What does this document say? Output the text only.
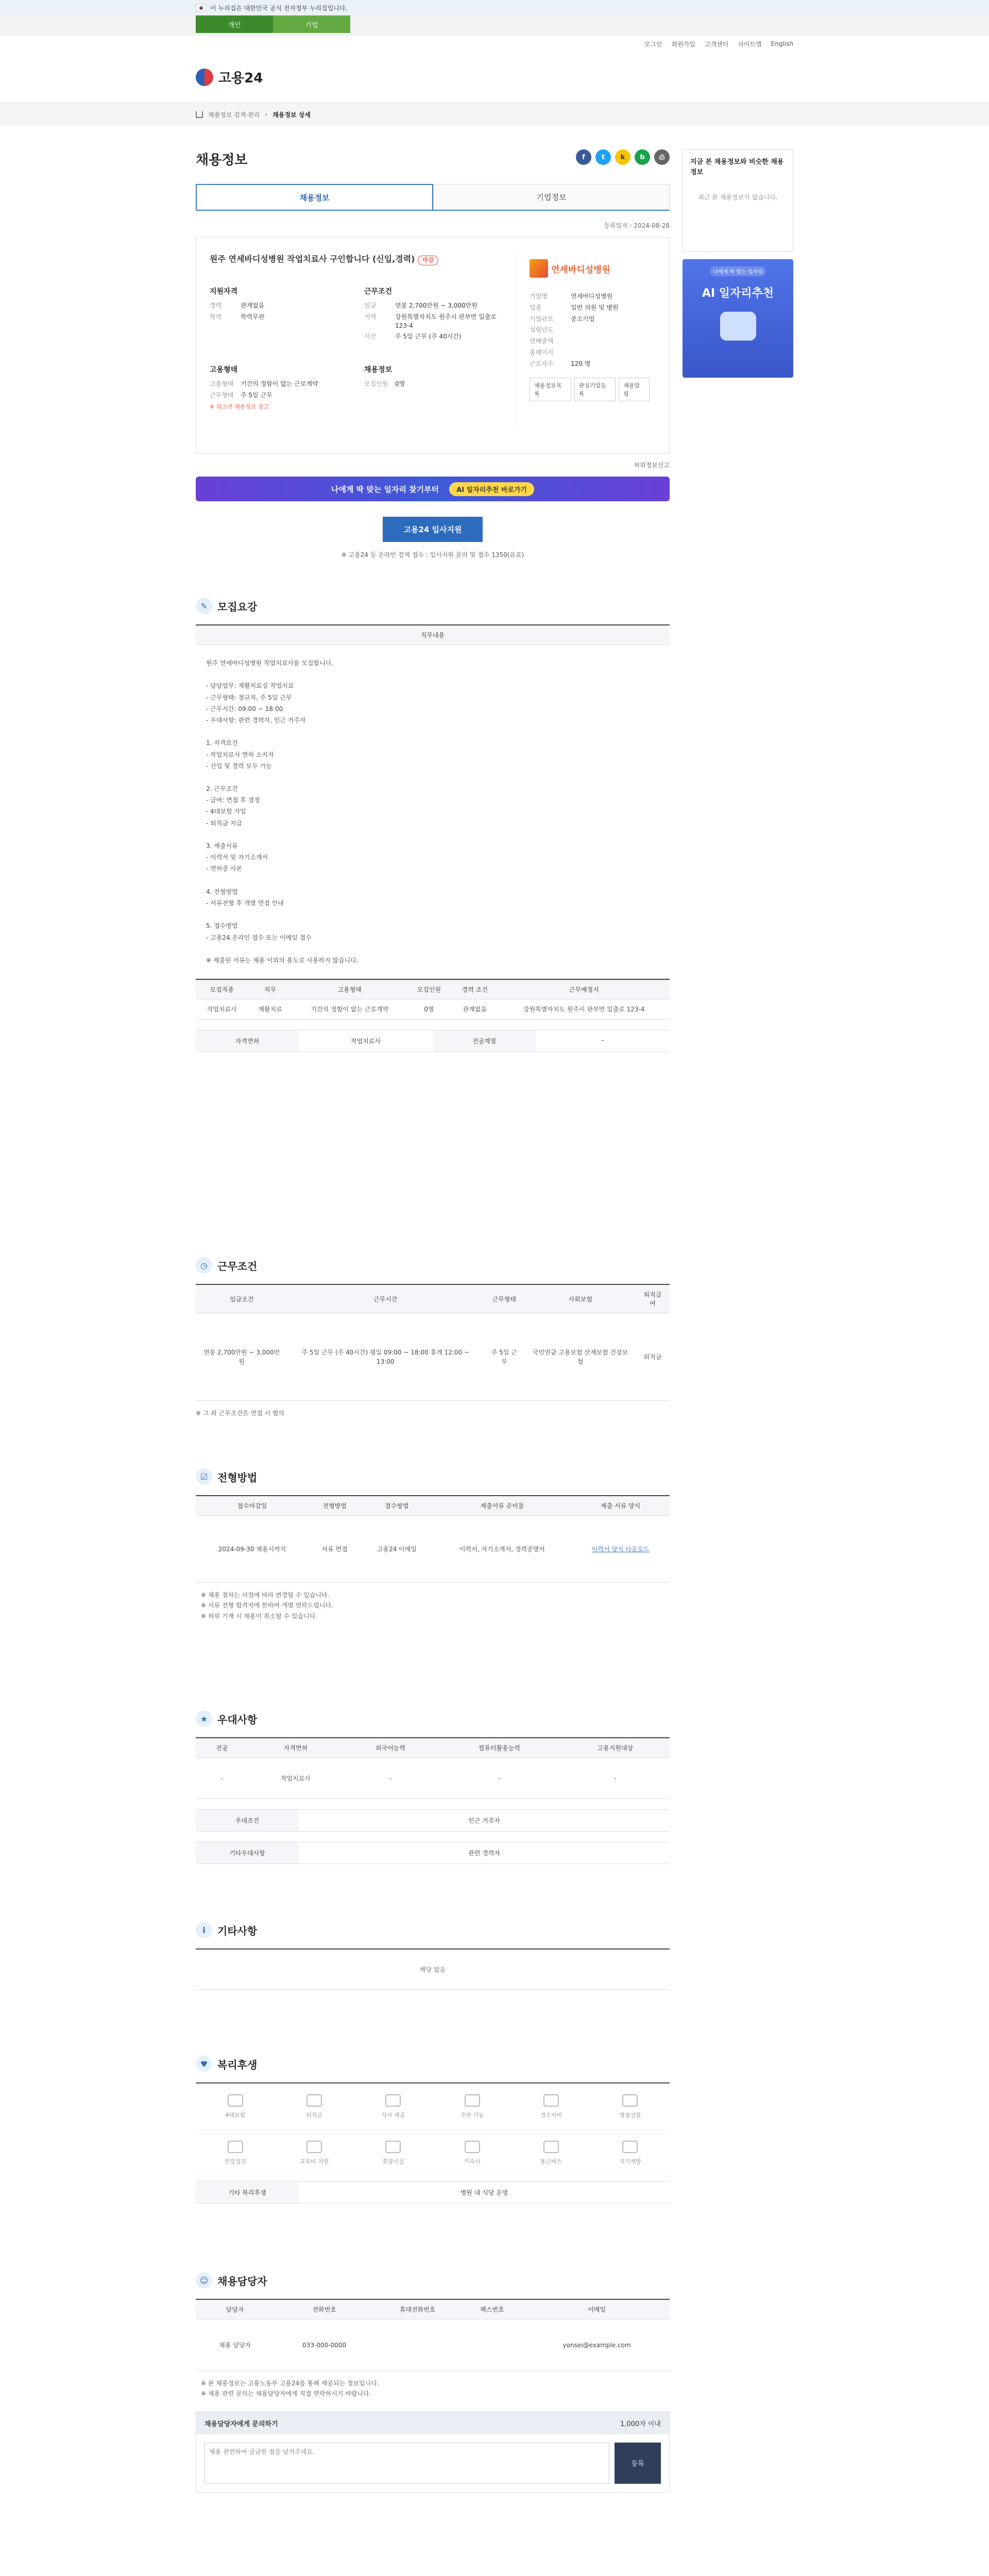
이 누리집은 대한민국 공식 전자정부 누리집입니다.
개인	기업
로그인 회원가입 고객센터 사이트맵 English
고용24
채용정보 검색·관리 › 채용정보 상세
채용정보	f	t	k	b	⎙
채용정보	기업정보
등록일자 : 2024-08-28
원주 연세바디성병원 작업치료사 구인합니다 (신입,경력) 마감
지원자격
경력	관계없음
학력	학력무관
근무조건
임금	연봉 2,700만원 ~ 3,000만원
지역	강원특별자치도 원주시 판부면 일출로 123-4
시간	주 5일 근무 (주 40시간)
고용형태
고용형태	기간의 정함이 없는 근로계약
근무형태	주 5일 근무
※ 워크넷 채용정보 참고
채용정보
모집인원	0명
연세바디성병원
기업명	연세바디성병원
업종	일반 의원 및 병원
기업규모	중소기업
설립년도
연매출액
홈페이지
근로자수	120 명
채용정보목록
관심기업등록
채용알림
허위정보신고
나에게 딱 맞는 일자리 찾기부터	AI 일자리추천 바로가기
고용24 입사지원
※ 고용24 등 온라인 검색 접수 : 입사지원 문의 및 접수 1350(유료)
✎ 모집요강
직무내용
원주 연세바디성병원 작업치료사를 모집합니다.

- 담당업무: 재활치료실 작업치료
- 근무형태: 정규직, 주 5일 근무
- 근무시간: 09:00 ~ 18:00
- 우대사항: 관련 경력자, 인근 거주자

1. 자격요건
- 작업치료사 면허 소지자
- 신입 및 경력 모두 가능

2. 근무조건
- 급여: 면접 후 결정
- 4대보험 가입
- 퇴직금 지급

3. 제출서류
- 이력서 및 자기소개서
- 면허증 사본

4. 전형방법
- 서류전형 후 개별 면접 안내

5. 접수방법
- 고용24 온라인 접수 또는 이메일 접수

※ 제출된 서류는 채용 이외의 용도로 사용하지 않습니다.
모집직종	직무	고용형태	모집인원	경력 조건	근무예정지
작업치료사	재활치료	기간의 정함이 없는 근로계약	0명	관계없음	강원특별자치도 원주시 판부면 일출로 123-4
자격면허	작업치료사	전공계열	-
◷ 근무조건
임금조건	근무시간	근무형태	사회보험	퇴직급여
연봉 2,700만원 ~ 3,000만원	주 5일 근무 (주 40시간) 평일 09:00 ~ 18:00 휴게 12:00 ~ 13:00	주 5일 근무	국민연금 고용보험 산재보험 건강보험	퇴직금
※ 그 외 근무조건은 면접 시 협의
☑ 전형방법
접수마감일	전형방법	접수방법	제출서류 준비물	제출 서류 양식
2024-09-30 채용시까지	서류 면접	고용24 이메일	이력서, 자기소개서, 경력증명서	이력서 양식 다운로드
※ 채용 절차는 사정에 따라 변경될 수 있습니다.
※ 서류 전형 합격자에 한하여 개별 연락드립니다.
※ 허위 기재 시 채용이 취소될 수 있습니다.
★ 우대사항
전공	자격면허	외국어능력	컴퓨터활용능력	고용지원대상
-	작업치료사	-	-	-
우대조건	인근 거주자
기타우대사항	관련 경력자
i	기타사항
해당 없음
♥ 복리후생
4대보험	퇴직금	식사 제공	주차 가능	경조사비	명절선물
건강검진	교육비 지원	휴양시설	기숙사	통근버스	자기계발
기타 복리후생	병원 내 식당 운영
☺ 채용담당자
담당자	전화번호	휴대전화번호	팩스번호	이메일
채용 담당자	033-000-0000			yonsei@example.com
※ 본 채용정보는 고용노동부 고용24를 통해 제공되는 정보입니다.
※ 채용 관련 문의는 채용담당자에게 직접 연락하시기 바랍니다.
채용담당자에게 문의하기	1,000자 이내
채용 관련하여 궁금한 점을 남겨주세요.
등록

지금 본 채용정보와 비슷한 채용정보
최근 본 채용정보가 없습니다.
나에게 딱 맞는 일자리
AI 일자리추천
